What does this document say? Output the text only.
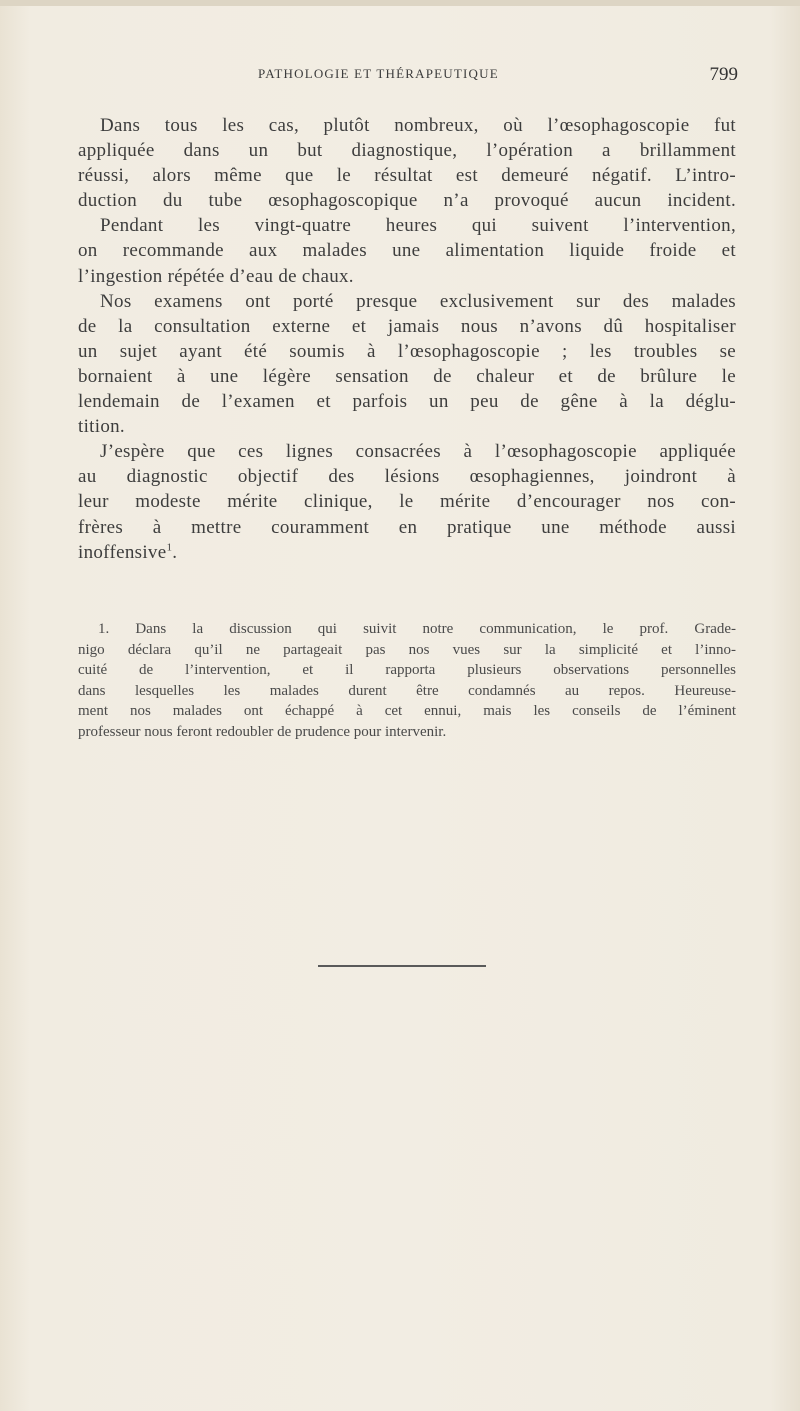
PATHOLOGIE ET THÉRAPEUTIQUE	799
Dans tous les cas, plutôt nombreux, où l’œsophagoscopie fut
appliquée dans un but diagnostique, l’opération a brillamment
réussi, alors même que le résultat est demeuré négatif. L’intro-
duction du tube œsophagoscopique n’a provoqué aucun incident.
Pendant les vingt-quatre heures qui suivent l’intervention,
on recommande aux malades une alimentation liquide froide et
l’ingestion répétée d’eau de chaux.
Nos examens ont porté presque exclusivement sur des malades
de la consultation externe et jamais nous n’avons dû hospitaliser
un sujet ayant été soumis à l’œsophagoscopie ; les troubles se
bornaient à une légère sensation de chaleur et de brûlure le
lendemain de l’examen et parfois un peu de gêne à la déglu-
tition.
J’espère que ces lignes consacrées à l’œsophagoscopie appliquée
au diagnostic objectif des lésions œsophagiennes, joindront à
leur modeste mérite clinique, le mérite d’encourager nos con-
frères à mettre couramment en pratique une méthode aussi
inoffensive$^1$.
1. Dans la discussion qui suivit notre communication, le prof. Grade-
nigo déclara qu’il ne partageait pas nos vues sur la simplicité et l’inno-
cuité de l’intervention, et il rapporta plusieurs observations personnelles
dans lesquelles les malades durent être condamnés au repos. Heureuse-
ment nos malades ont échappé à cet ennui, mais les conseils de l’éminent
professeur nous feront redoubler de prudence pour intervenir.
